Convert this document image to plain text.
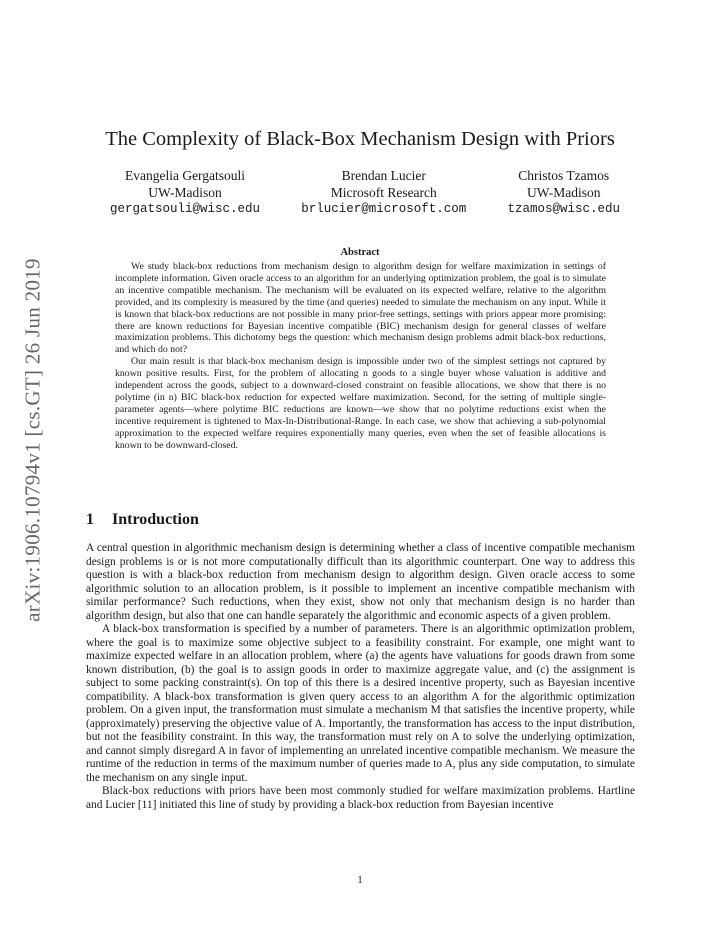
arXiv:1906.10794v1 [cs.GT] 26 Jun 2019
The Complexity of Black-Box Mechanism Design with Priors
Evangelia Gergatsouli
UW-Madison
gergatsouli@wisc.edu
Brendan Lucier
Microsoft Research
brlucier@microsoft.com
Christos Tzamos
UW-Madison
tzamos@wisc.edu
Abstract

We study black-box reductions from mechanism design to algorithm design for welfare maximization in settings of incomplete information. Given oracle access to an algorithm for an underlying optimization problem, the goal is to simulate an incentive compatible mechanism. The mechanism will be evaluated on its expected welfare, relative to the algorithm provided, and its complexity is measured by the time (and queries) needed to simulate the mechanism on any input. While it is known that black-box reductions are not possible in many prior-free settings, settings with priors appear more promising: there are known reductions for Bayesian incentive compatible (BIC) mechanism design for general classes of welfare maximization problems. This dichotomy begs the question: which mechanism design problems admit black-box reductions, and which do not?

Our main result is that black-box mechanism design is impossible under two of the simplest settings not captured by known positive results. First, for the problem of allocating n goods to a single buyer whose valuation is additive and independent across the goods, subject to a downward-closed constraint on feasible allocations, we show that there is no polytime (in n) BIC black-box reduction for expected welfare maximization. Second, for the setting of multiple single-parameter agents—where polytime BIC reductions are known—we show that no polytime reductions exist when the incentive requirement is tightened to Max-In-Distributional-Range. In each case, we show that achieving a sub-polynomial approximation to the expected welfare requires exponentially many queries, even when the set of feasible allocations is known to be downward-closed.

1 Introduction

A central question in algorithmic mechanism design is determining whether a class of incentive compatible mechanism design problems is or is not more computationally difficult than its algorithmic counterpart. One way to address this question is with a black-box reduction from mechanism design to algorithm design. Given oracle access to some algorithmic solution to an allocation problem, is it possible to implement an incentive compatible mechanism with similar performance? Such reductions, when they exist, show not only that mechanism design is no harder than algorithm design, but also that one can handle separately the algorithmic and economic aspects of a given problem.

A black-box transformation is specified by a number of parameters. There is an algorithmic optimization problem, where the goal is to maximize some objective subject to a feasibility constraint. For example, one might want to maximize expected welfare in an allocation problem, where (a) the agents have valuations for goods drawn from some known distribution, (b) the goal is to assign goods in order to maximize aggregate value, and (c) the assignment is subject to some packing constraint(s). On top of this there is a desired incentive property, such as Bayesian incentive compatibility. A black-box transformation is given query access to an algorithm A for the algorithmic optimization problem. On a given input, the transformation must simulate a mechanism M that satisfies the incentive property, while (approximately) preserving the objective value of A. Importantly, the transformation has access to the input distribution, but not the feasibility constraint. In this way, the transformation must rely on A to solve the underlying optimization, and cannot simply disregard A in favor of implementing an unrelated incentive compatible mechanism. We measure the runtime of the reduction in terms of the maximum number of queries made to A, plus any side computation, to simulate the mechanism on any single input.

Black-box reductions with priors have been most commonly studied for welfare maximization problems. Hartline and Lucier [11] initiated this line of study by providing a black-box reduction from Bayesian incentive

1
